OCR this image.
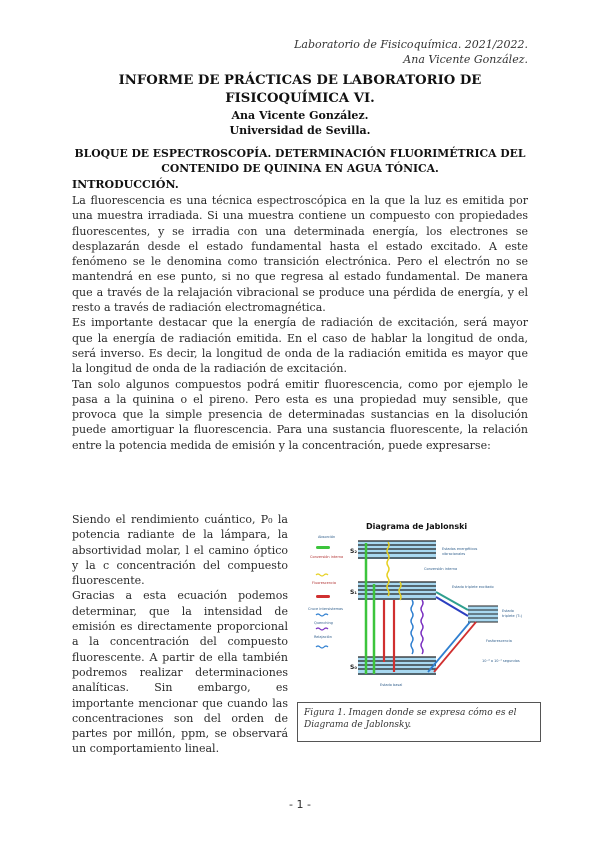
Laboratorio de Fisicoquímica. 2021/2022.
Ana Vicente González.
INFORME DE PRÁCTICAS DE LABORATORIO DE FISICOQUÍMICA VI.
Ana Vicente González.
Universidad de Sevilla.
BLOQUE DE ESPECTROSCOPÍA. DETERMINACIÓN FLUORIMÉTRICA DEL CONTENIDO DE QUININA EN AGUA TÓNICA.
INTRODUCCIÓN.

La fluorescencia es una técnica espectroscópica en la que la luz es emitida por una muestra irradiada. Si una muestra contiene un compuesto con propiedades fluorescentes, y se irradia con una determinada energía, los electrones se desplazarán desde el estado fundamental hasta el estado excitado. A este fenómeno se le denomina como transición electrónica. Pero el electrón no se mantendrá en ese punto, si no que regresa al estado fundamental. De manera que a través de la relajación vibracional se produce una pérdida de energía, y el resto a través de radiación electromagnética.

Es importante destacar que la energía de radiación de excitación, será mayor que la energía de radiación emitida. En el caso de hablar la longitud de onda, será inverso. Es decir, la longitud de onda de la radiación emitida es mayor que la longitud de onda de la radiación de excitación.

Tan solo algunos compuestos podrá emitir fluorescencia, como por ejemplo le pasa a la quinina o el pireno. Pero esta es una propiedad muy sensible, que provoca que la simple presencia de determinadas sustancias en la disolución puede amortiguar la fluorescencia. Para una sustancia fluorescente, la relación entre la potencia medida de emisión y la concentración, puede expresarse:

Siendo el rendimiento cuántico, P₀ la potencia radiante de la lámpara, la absortividad molar, l el camino óptico y la c concentración del compuesto fluorescente.

Gracias a esta ecuación podemos determinar, que la intensidad de emisión es directamente proporcional a la concentración del compuesto fluorescente. A partir de ella también podremos realizar determinaciones analíticas. Sin embargo, es importante mencionar que cuando las concentraciones son del orden de partes por millón, ppm, se observará un comportamiento lineal.

Diagrama de Jablonski
Absorción
Conversión interna
Fluorescencia
Cruce intersistemas
Quenching
Relajación
S₂
S₁
S₀
Estados energéticos
vibracionales
Conversión interna
Estado triplete excitado
Estado
triplete (T₁)
Fosforescencia
10⁻⁴ a 10⁻¹ segundos
Estado basal
Figura 1. Imagen donde se expresa cómo es el Diagrama de Jablonsky.
- 1 -
